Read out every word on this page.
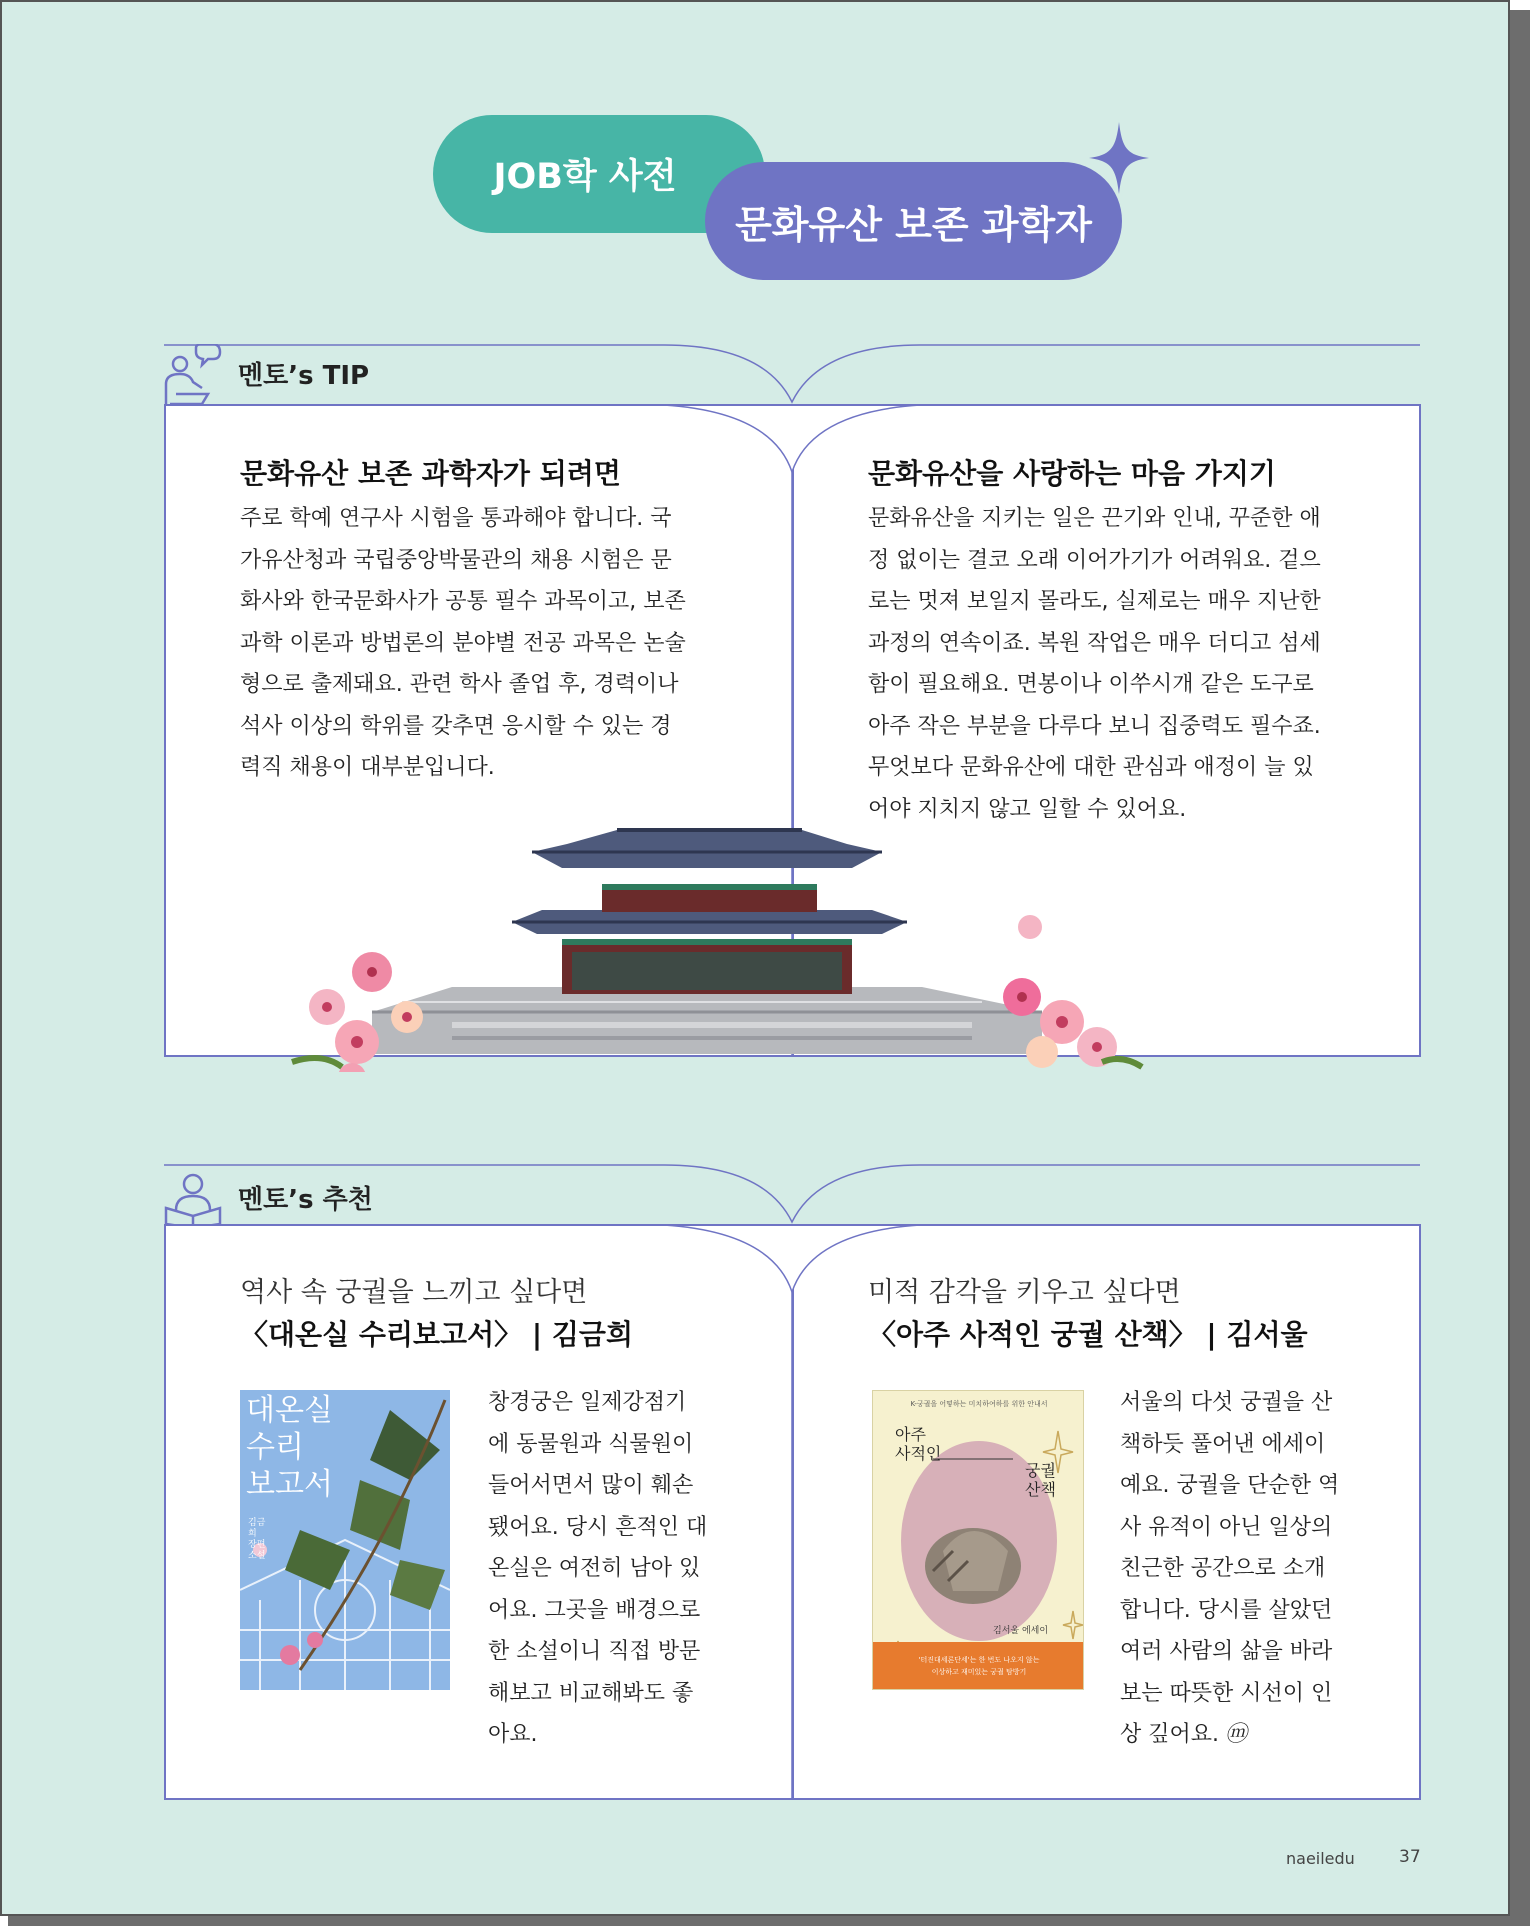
JOB학 사전
문화유산 보존 과학자
멘토’s TIP

문화유산 보존 과학자가 되려면

주로 학예 연구사 시험을 통과해야 합니다. 국

가유산청과 국립중앙박물관의 채용 시험은 문

화사와 한국문화사가 공통 필수 과목이고, 보존

과학 이론과 방법론의 분야별 전공 과목은 논술

형으로 출제돼요. 관련 학사 졸업 후, 경력이나

석사 이상의 학위를 갖추면 응시할 수 있는 경

력직 채용이 대부분입니다.

문화유산을 사랑하는 마음 가지기

문화유산을 지키는 일은 끈기와 인내, 꾸준한 애

정 없이는 결코 오래 이어가기가 어려워요. 겉으

로는 멋져 보일지 몰라도, 실제로는 매우 지난한

과정의 연속이죠. 복원 작업은 매우 더디고 섬세

함이 필요해요. 면봉이나 이쑤시개 같은 도구로

아주 작은 부분을 다루다 보니 집중력도 필수죠.

무엇보다 문화유산에 대한 관심과 애정이 늘 있

어야 지치지 않고 일할 수 있어요.

멘토’s 추천

역사 속 궁궐을 느끼고 싶다면

〈대온실 수리보고서〉 | 김금희

대온실
수리
보고서
김금희 장편소설

창경궁은 일제강점기

에 동물원과 식물원이

들어서면서 많이 훼손

됐어요. 당시 흔적인 대

온실은 여전히 남아 있

어요. 그곳을 배경으로

한 소설이니 직접 방문

해보고 비교해봐도 좋

아요.

미적 감각을 키우고 싶다면

〈아주 사적인 궁궐 산책〉 | 김서울

K-궁궐을 어떻하는 미치하여하를 위한 안내서
아주
사적인
궁궐
산책
김서울 에세이
'터진대세론단세'는 한 번도 나오지 않는
이상하고 재미있는 궁궐 탐방기

서울의 다섯 궁궐을 산

책하듯 풀어낸 에세이

예요. 궁궐을 단순한 역

사 유적이 아닌 일상의

친근한 공간으로 소개

합니다. 당시를 살았던

여러 사람의 삶을 바라

보는 따뜻한 시선이 인

상 깊어요. ⓜ
naeiledu	37
